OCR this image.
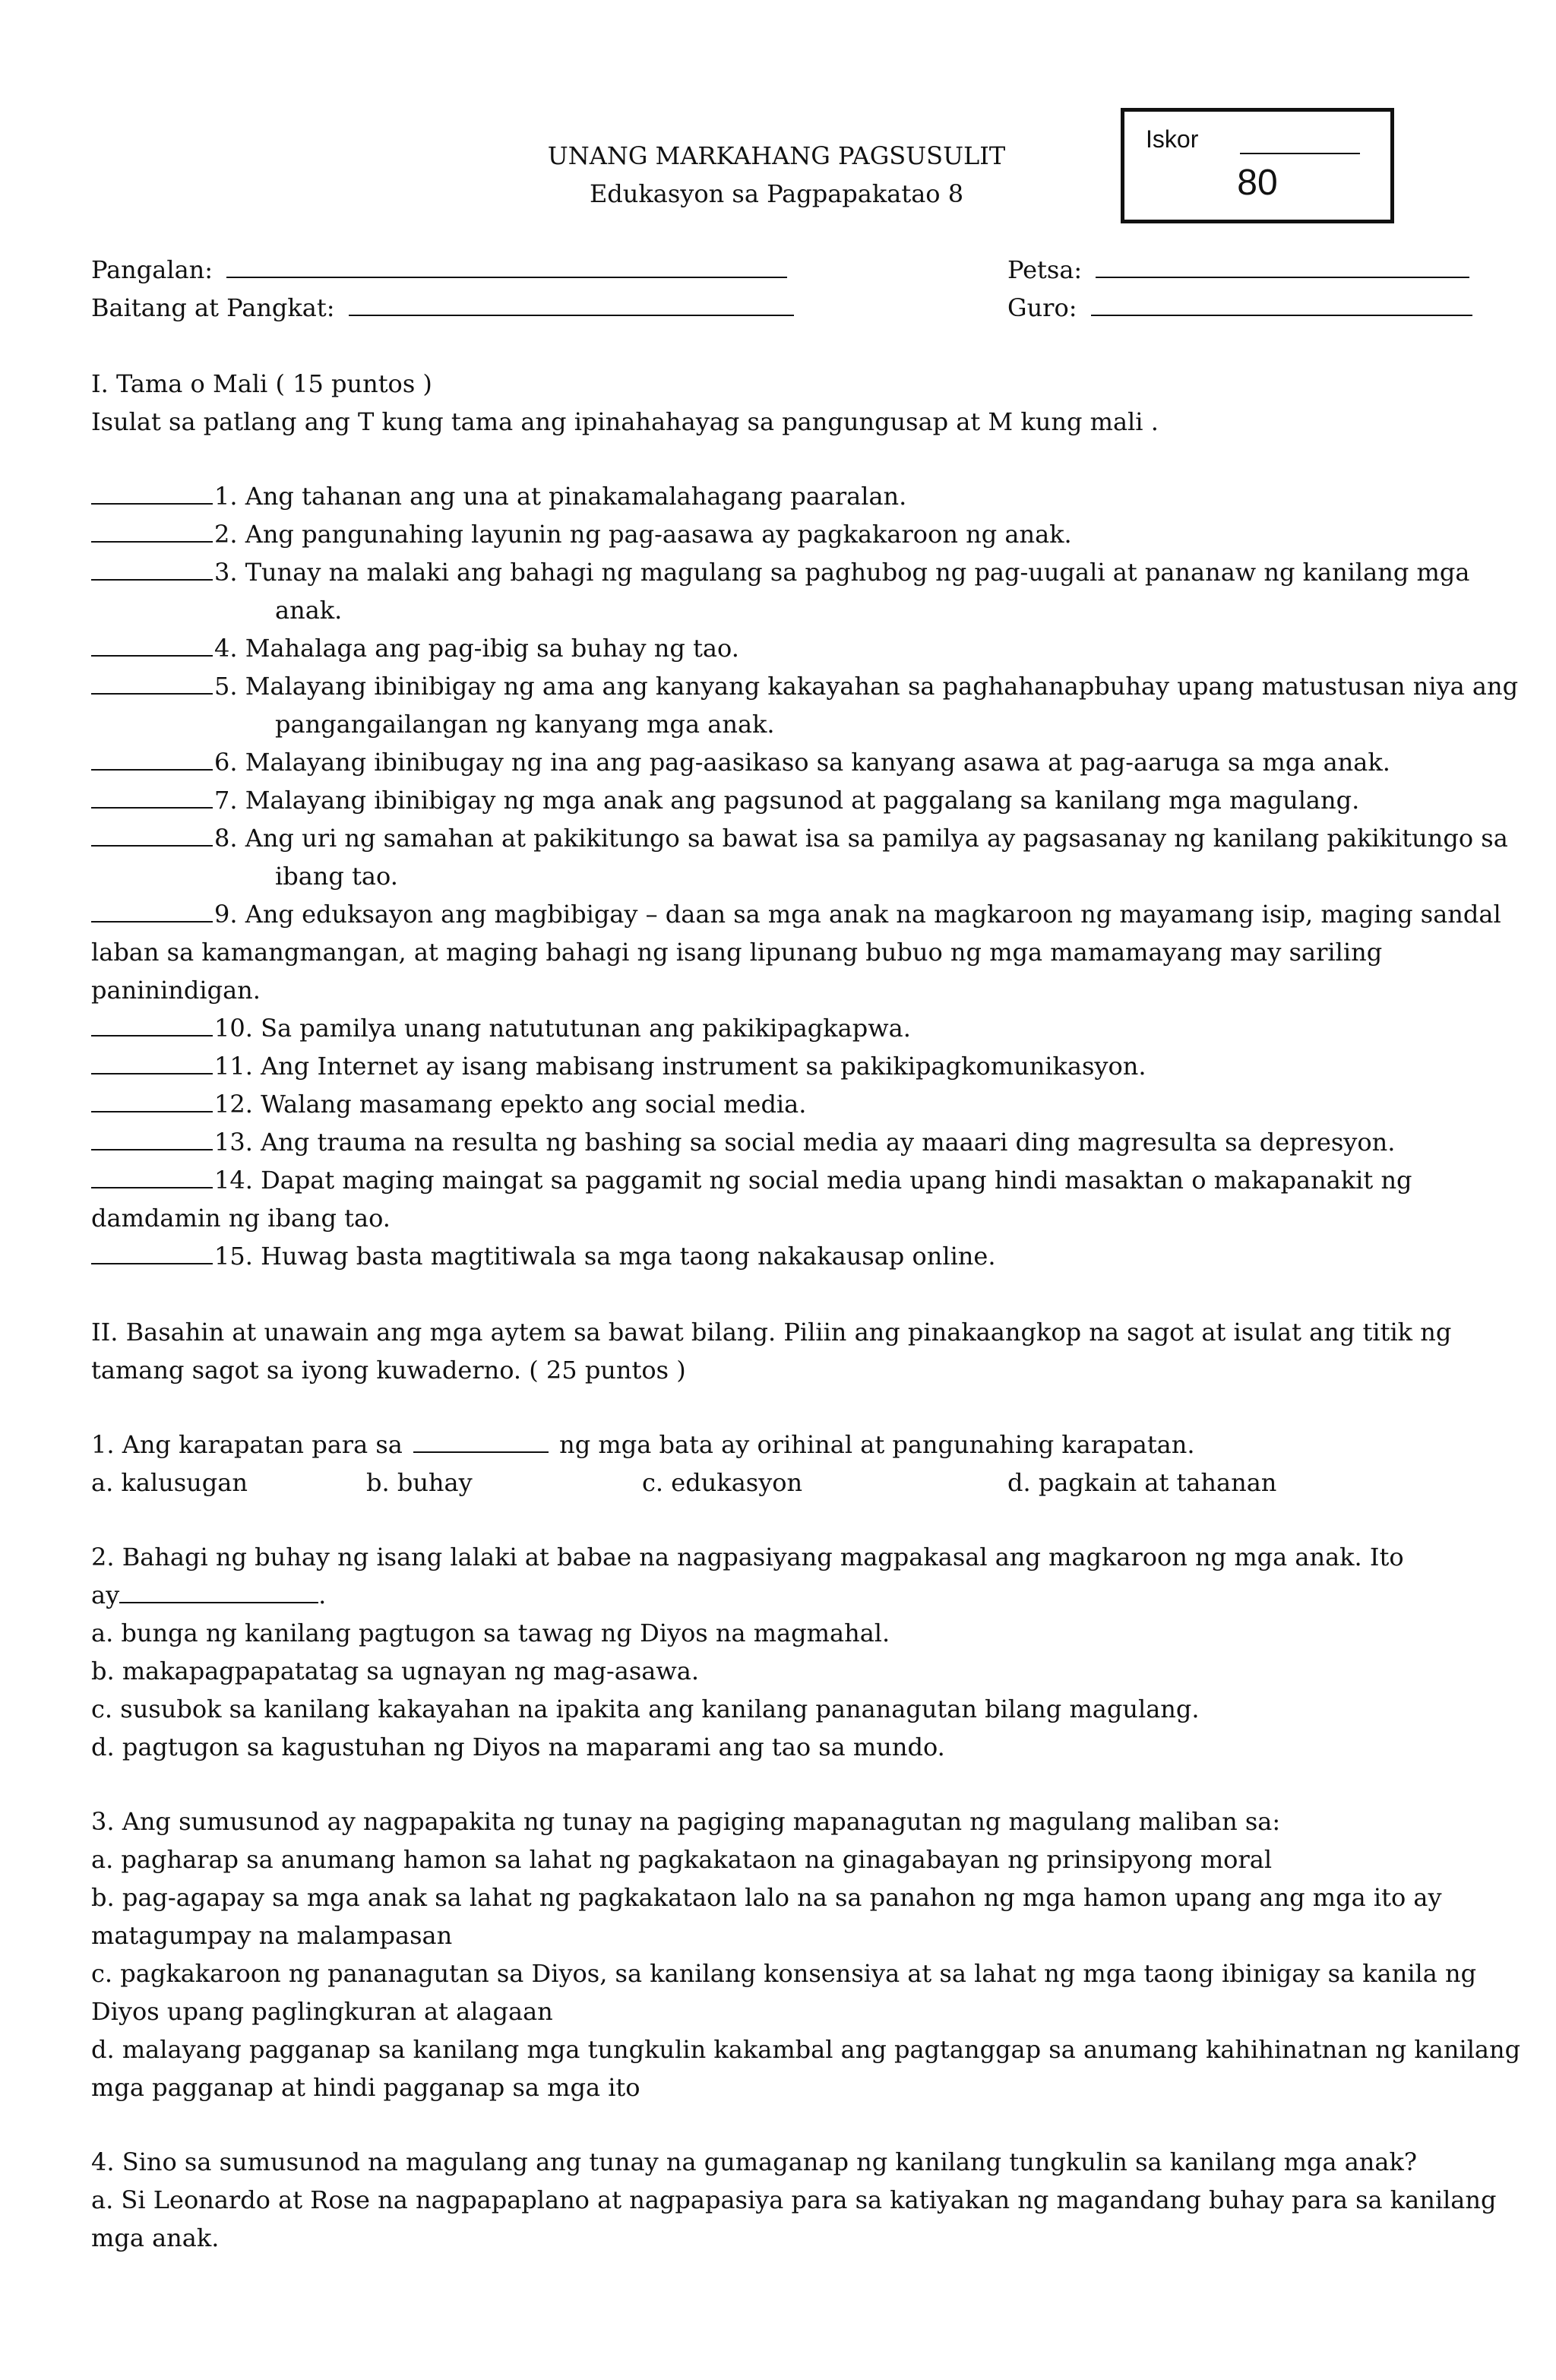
UNANG MARKAHANG PAGSUSULIT
Edukasyon sa Pagpapakatao 8
Iskor
80
Pangalan:	Petsa:
Baitang at Pangkat:	Guro:
I. Tama o Mali ( 15 puntos )
Isulat sa patlang ang T kung tama ang ipinahahayag sa pangungusap at M kung mali .
1. Ang tahanan ang una at pinakamalahagang paaralan.
2. Ang pangunahing layunin ng pag-aasawa ay pagkakaroon ng anak.
3. Tunay na malaki ang bahagi ng magulang sa paghubog ng pag-uugali at pananaw ng kanilang mga
anak.
4. Mahalaga ang pag-ibig sa buhay ng tao.
5. Malayang ibinibigay ng ama ang kanyang kakayahan sa paghahanapbuhay upang matustusan niya ang
pangangailangan ng kanyang mga anak.
6. Malayang ibinibugay ng ina ang pag-aasikaso sa kanyang asawa at pag-aaruga sa mga anak.
7. Malayang ibinibigay ng mga anak ang pagsunod at paggalang sa kanilang mga magulang.
8. Ang uri ng samahan at pakikitungo sa bawat isa sa pamilya ay pagsasanay ng kanilang pakikitungo sa
ibang tao.
9. Ang eduksayon ang magbibigay – daan sa mga anak na magkaroon ng mayamang isip, maging sandal
laban sa kamangmangan, at maging bahagi ng isang lipunang bubuo ng mga mamamayang may sariling
paninindigan.
10. Sa pamilya unang natututunan ang pakikipagkapwa.
11. Ang Internet ay isang mabisang instrument sa pakikipagkomunikasyon.
12. Walang masamang epekto ang social media.
13. Ang trauma na resulta ng bashing sa social media ay maaari ding magresulta sa depresyon.
14. Dapat maging maingat sa paggamit ng social media upang hindi masaktan o makapanakit ng
damdamin ng ibang tao.
15. Huwag basta magtitiwala sa mga taong nakakausap online.
II. Basahin at unawain ang mga aytem sa bawat bilang. Piliin ang pinakaangkop na sagot at isulat ang titik ng
tamang sagot sa iyong kuwaderno. ( 25 puntos )
1. Ang karapatan para sa	ng mga bata ay orihinal at pangunahing karapatan.
a. kalusugan	b. buhay	c. edukasyon	d. pagkain at tahanan
2. Bahagi ng buhay ng isang lalaki at babae na nagpasiyang magpakasal ang magkaroon ng mga anak. Ito
ay	.
a. bunga ng kanilang pagtugon sa tawag ng Diyos na magmahal.
b. makapagpapatatag sa ugnayan ng mag-asawa.
c. susubok sa kanilang kakayahan na ipakita ang kanilang pananagutan bilang magulang.
d. pagtugon sa kagustuhan ng Diyos na maparami ang tao sa mundo.
3. Ang sumusunod ay nagpapakita ng tunay na pagiging mapanagutan ng magulang maliban sa:
a. pagharap sa anumang hamon sa lahat ng pagkakataon na ginagabayan ng prinsipyong moral
b. pag-agapay sa mga anak sa lahat ng pagkakataon lalo na sa panahon ng mga hamon upang ang mga ito ay
matagumpay na malampasan
c. pagkakaroon ng pananagutan sa Diyos, sa kanilang konsensiya at sa lahat ng mga taong ibinigay sa kanila ng
Diyos upang paglingkuran at alagaan
d. malayang pagganap sa kanilang mga tungkulin kakambal ang pagtanggap sa anumang kahihinatnan ng kanilang
mga pagganap at hindi pagganap sa mga ito
4. Sino sa sumusunod na magulang ang tunay na gumaganap ng kanilang tungkulin sa kanilang mga anak?
a. Si Leonardo at Rose na nagpapaplano at nagpapasiya para sa katiyakan ng magandang buhay para sa kanilang
mga anak.
